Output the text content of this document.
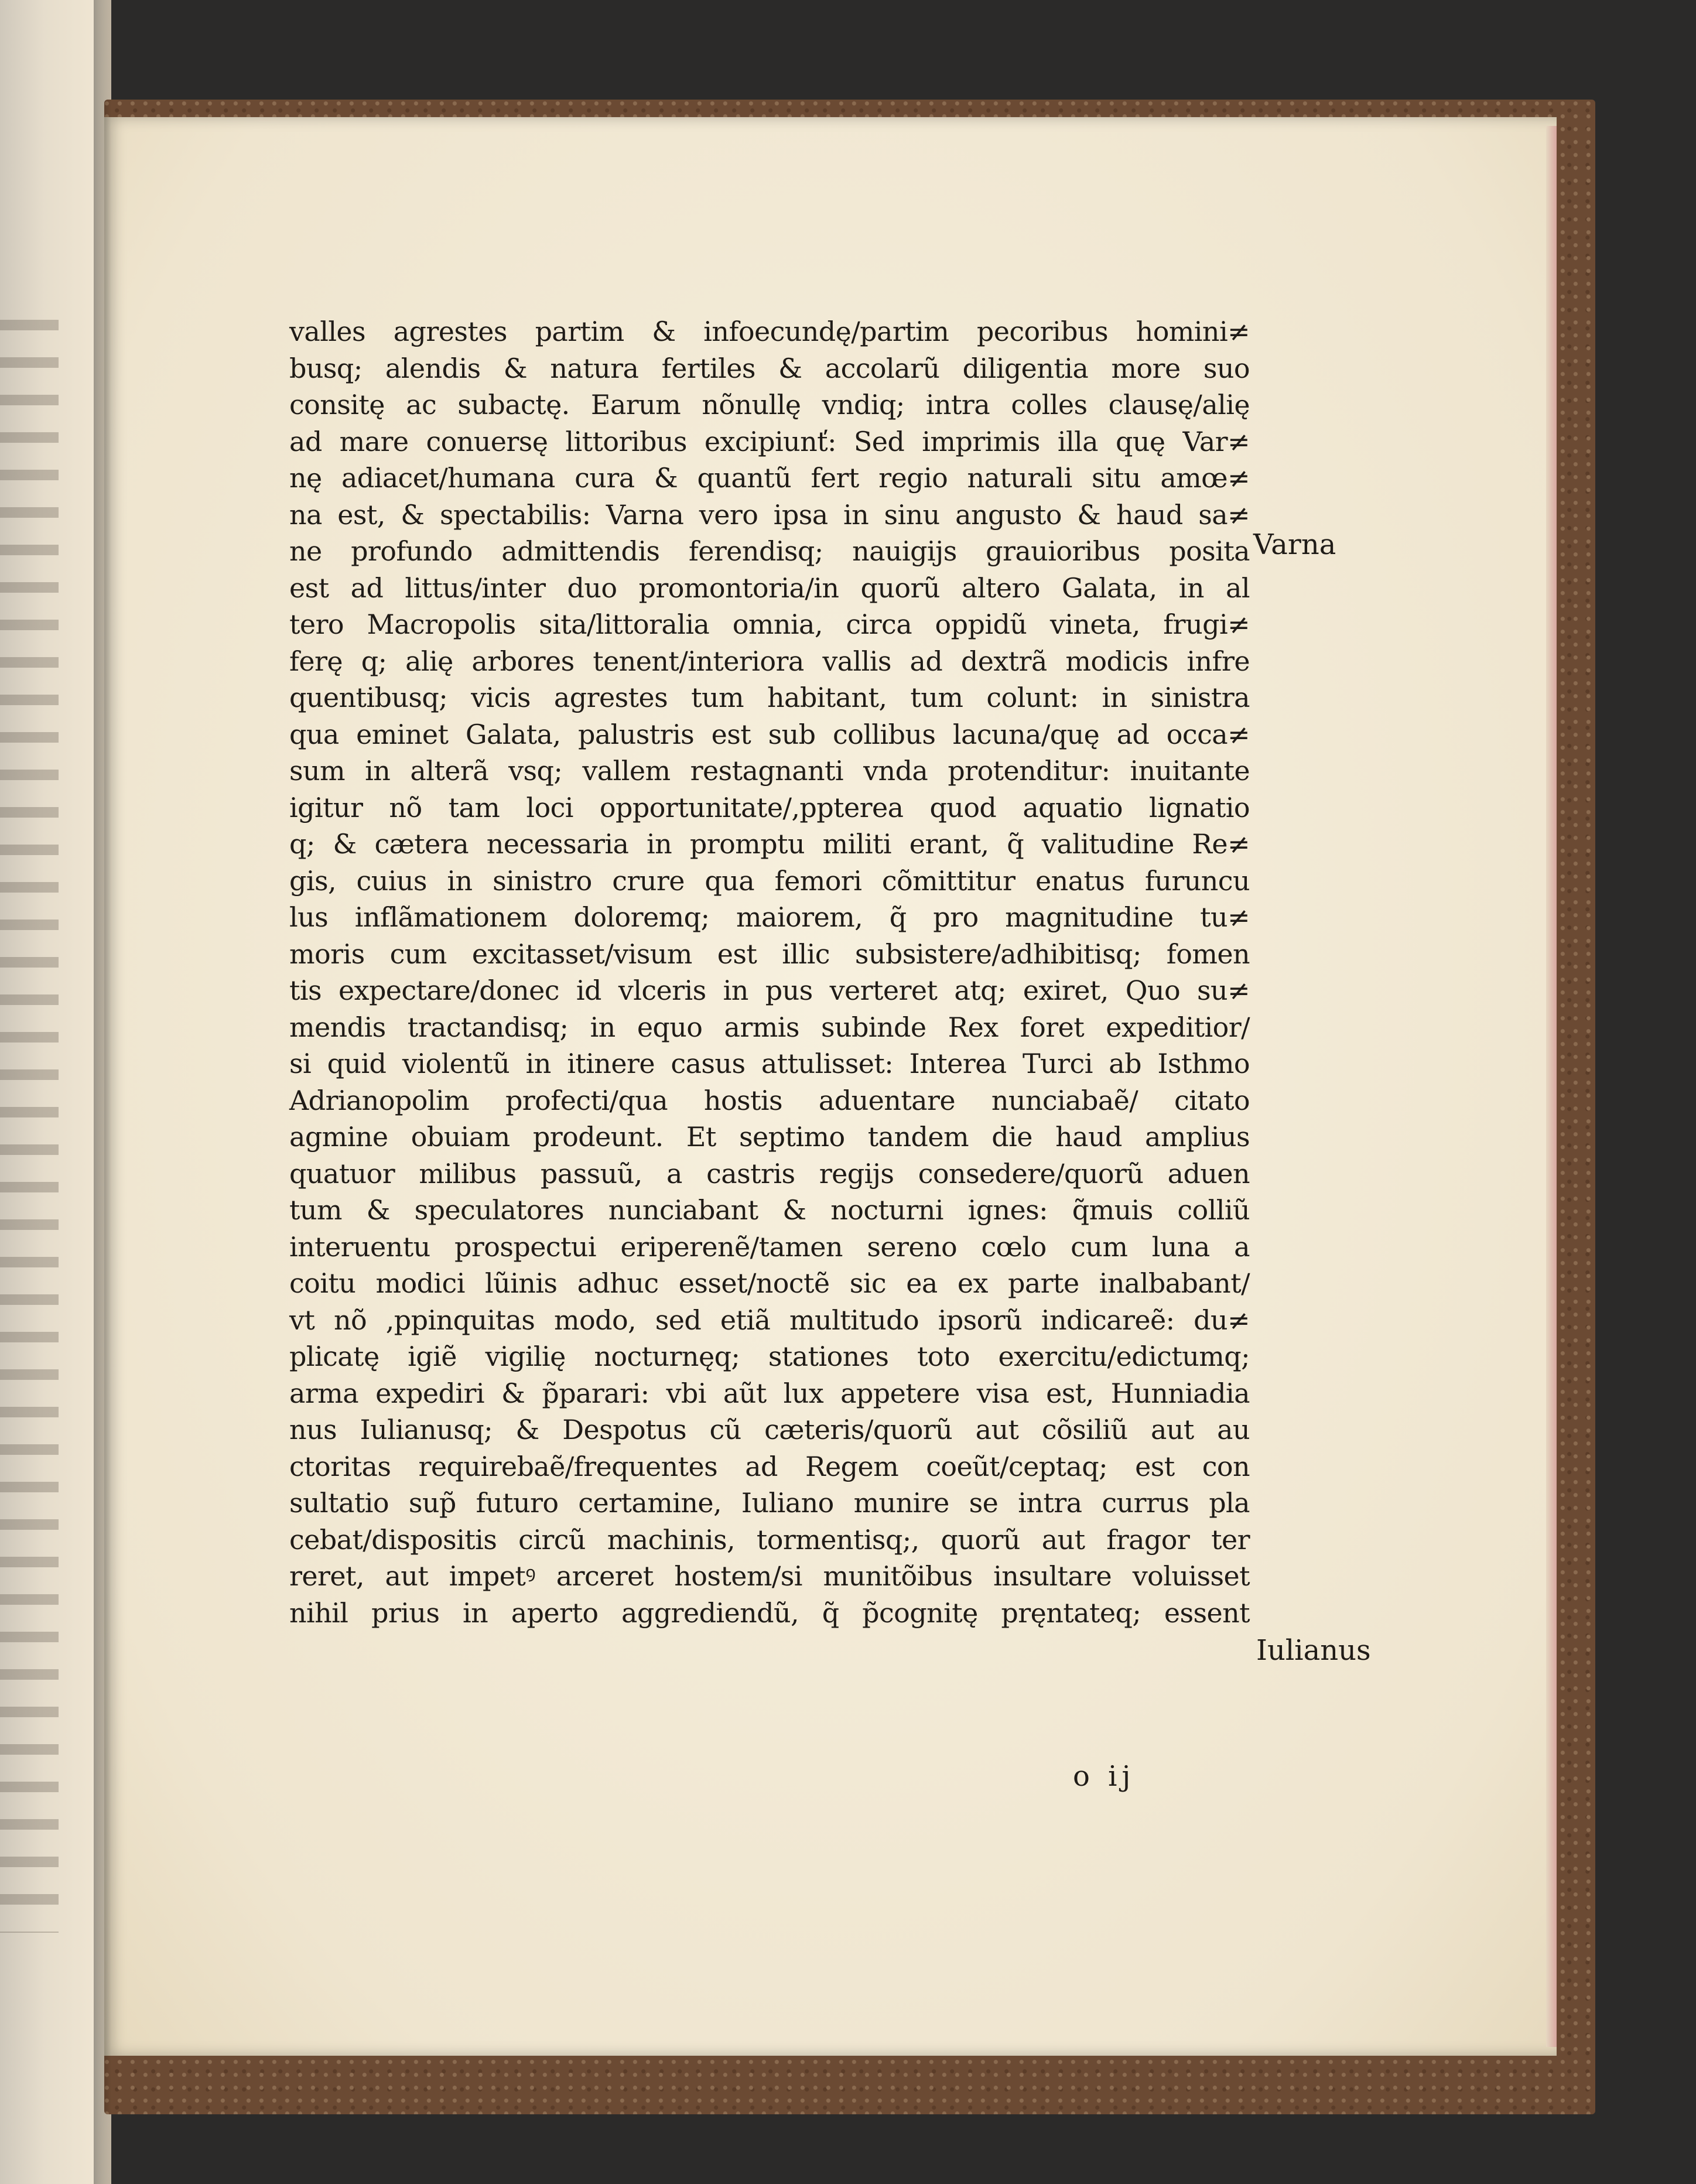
valles agrestes partim & infoecundę/partim pecoribus homini≠
busq; alendis & natura fertiles & accolarũ diligentia more suo
consitę ac subactę. Earum nõnullę vndiq; intra colles clausę/alię
ad mare conuersę littoribus excipiunť: Sed imprimis illa quę Var≠
nę adiacet/humana cura & quantũ fert regio naturali situ amœ≠
na est, & spectabilis: Varna vero ipsa in sinu angusto & haud sa≠
ne profundo admittendis ferendisq; nauigijs grauioribus posita
est ad littus/inter duo promontoria/in quorũ altero Galata, in al
tero Macropolis sita/littoralia omnia, circa oppidũ vineta, frugi≠
ferę q; alię arbores tenent/interiora vallis ad dextrã modicis infre
quentibusq; vicis agrestes tum habitant, tum colunt: in sinistra
qua eminet Galata, palustris est sub collibus lacuna/quę ad occa≠
sum in alterã vsq; vallem restagnanti vnda protenditur: inuitante
igitur nõ tam loci opportunitate/,ppterea quod aquatio lignatio
q; & cætera necessaria in promptu militi erant, q̃ valitudine Re≠
gis, cuius in sinistro crure qua femori cõmittitur enatus furuncu
lus inflãmationem doloremq; maiorem, q̃ pro magnitudine tu≠
moris cum excitasset/visum est illic subsistere/adhibitisq; fomen
tis expectare/donec id vlceris in pus verteret atq; exiret, Quo su≠
mendis tractandisq; in equo armis subinde Rex foret expeditior/
si quid violentũ in itinere casus attulisset: Interea Turci ab Isthmo
Adrianopolim profecti/qua hostis aduentare nunciabaẽ/ citato
agmine obuiam prodeunt. Et septimo tandem die haud amplius
quatuor milibus passuũ, a castris regijs consedere/quorũ aduen
tum & speculatores nunciabant & nocturni ignes: q̃muis colliũ
interuentu prospectui eriperenẽ/tamen sereno cœlo cum luna a
coitu modici lũinis adhuc esset/noctẽ sic ea ex parte inalbabant/
vt nõ ,ppinquitas modo, sed etiã multitudo ipsorũ indicareẽ: du≠
plicatę igiẽ vigilię nocturnęq; stationes toto exercitu/edictumq;
arma expediri & p̃parari: vbi aũt lux appetere visa est, Hunniadia
nus Iulianusq; & Despotus cũ cæteris/quorũ aut cõsiliũ aut au
ctoritas requirebaẽ/frequentes ad Regem coeũt/ceptaq; est con
sultatio sup̃ futuro certamine, Iuliano munire se intra currus pla
cebat/dispositis circũ machinis, tormentisq;, quorũ aut fragor ter
reret, aut impetꝰ arceret hostem/si munitõibus insultare voluisset
nihil prius in aperto aggrediendũ, q̃ p̃cognitę pręntateq; essent
Varna
Iulianus
o ij
